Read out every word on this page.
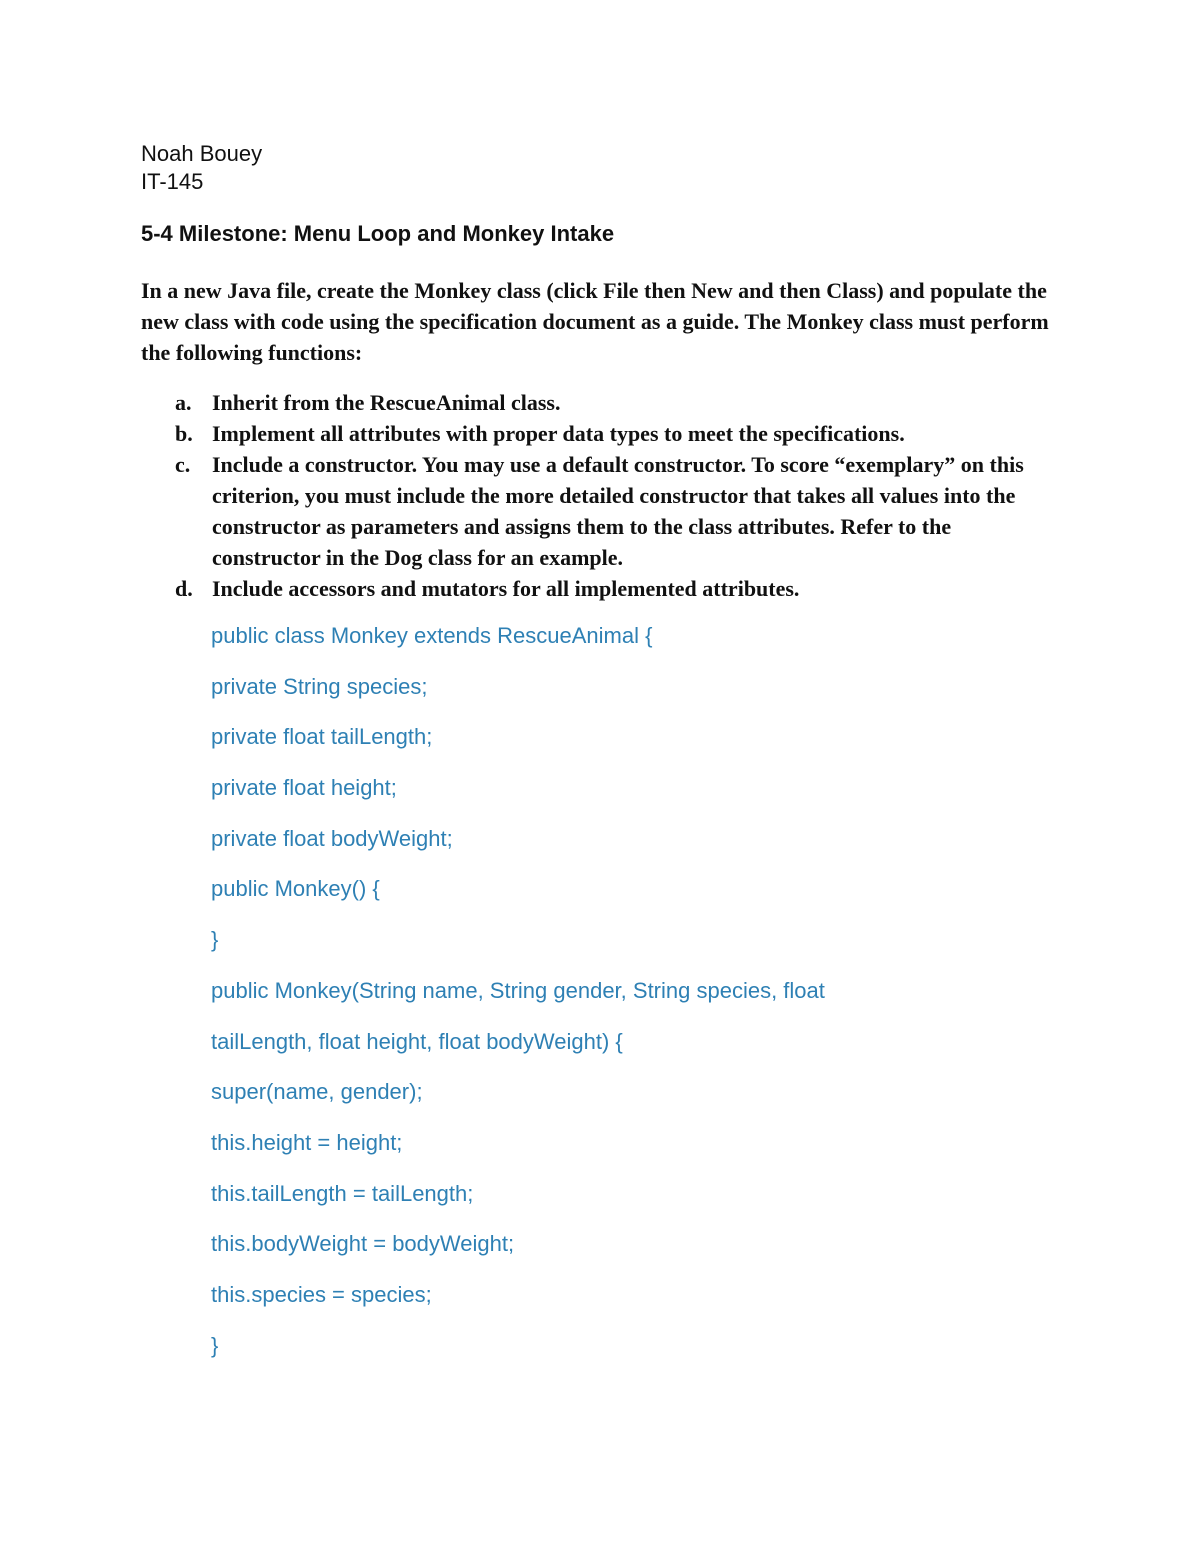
Noah Bouey

IT-145

5-4 Milestone: Menu Loop and Monkey Intake

In a new Java file, create the Monkey class (click File then New and then Class) and populate the new class with code using the specification document as a guide. The Monkey class must perform the following functions:

a. Inherit from the RescueAnimal class.
b. Implement all attributes with proper data types to meet the specifications.
c. Include a constructor. You may use a default constructor. To score “exemplary” on this criterion, you must include the more detailed constructor that takes all values into the constructor as parameters and assigns them to the class attributes. Refer to the constructor in the Dog class for an example.
d. Include accessors and mutators for all implemented attributes.
public class Monkey extends RescueAnimal {
private String species;
private float tailLength;
private float height;
private float bodyWeight;
public Monkey() {
}
public Monkey(String name, String gender, String species, float
tailLength, float height, float bodyWeight) {
super(name, gender);
this.height = height;
this.tailLength = tailLength;
this.bodyWeight = bodyWeight;
this.species = species;
}
